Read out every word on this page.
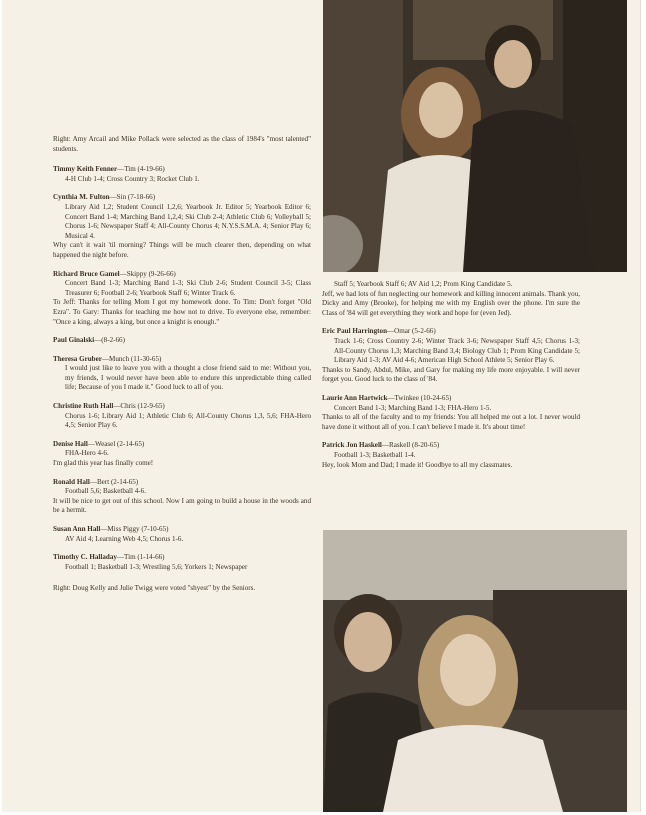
Right: Amy Arcail and Mike Pollack were selected as the class of 1984's "most talented" students.

Timmy Keith Fenner—Tim (4-19-66)

4-H Club 1-4; Cross Country 3; Rocket Club 1.

Cynthia M. Fulton—Sin (7-18-66)

Library Aid 1,2; Student Council 1,2,6; Yearbook Jr. Editor 5; Yearbook Editor 6; Concert Band 1-4; Marching Band 1,2,4; Ski Club 2-4; Athletic Club 6; Volleyball 5; Chorus 1-6; Newspaper Staff 4; All-County Chorus 4; N.Y.S.S.M.A. 4; Senior Play 6; Musical 4.

Why can't it wait 'til morning? Things will be much clearer then, depending on what happened the night before.

Richard Bruce Gamel—Skippy (9-26-66)

Concert Band 1-3; Marching Band 1-3; Ski Club 2-6; Student Council 3-5; Class Treasurer 6; Football 2-6; Yearbook Staff 6; Winter Track 6.

To Jeff: Thanks for telling Mom I got my homework done. To Tim: Don't forget "Old Ezra". To Gary: Thanks for teaching me how not to drive. To everyone else, remember: "Once a king, always a king, but once a knight is enough."

Paul Ginalski—(8-2-66)

Theresa Gruber—Munch (11-30-65)

I would just like to leave you with a thought a close friend said to me: Without you, my friends, I would never have been able to endure this unpredictable thing called life; Because of you I made it." Good luck to all of you.

Christine Ruth Hall—Chris (12-9-65)

Chorus 1-6; Library Aid 1; Athletic Club 6; All-County Chorus 1,3, 5,6; FHA-Hero 4,5; Senior Play 6.

Denise Hall—Weasel (2-14-65)

FHA-Hero 4-6.

I'm glad this year has finally come!

Ronald Hall—Bert (2-14-65)

Football 5,6; Basketball 4-6.

It will be nice to get out of this school. Now I am going to build a house in the woods and be a hermit.

Susan Ann Hall—Miss Piggy (7-10-65)

AV Aid 4; Learning Web 4,5; Chorus 1-6.

Timothy C. Halladay—Tim (1-14-66)

Football 1; Basketball 1-3; Wrestling 5,6; Yorkers 1; Newspaper

Right: Doug Kelly and Julie Twigg were voted "shyest" by the Seniors.

Staff 5; Yearbook Staff 6; AV Aid 1,2; Prom King Candidate 5.

Jeff, we had lots of fun neglecting our homework and killing innocent animals. Thank you, Dicky and Amy (Brooke), for helping me with my English over the phone. I'm sure the Class of '84 will get everything they work and hope for (even Jed).

Eric Paul Harrington—Omar (5-2-66)

Track 1-6; Cross Country 2-6; Winter Track 3-6; Newspaper Staff 4,5; Chorus 1-3; All-County Chorus 1,3; Marching Band 3,4; Biology Club 1; Prom King Candidate 5; Library Aid 1-3; AV Aid 4-6; American High School Athlete 5; Senior Play 6.

Thanks to Sandy, Abdul, Mike, and Gary for making my life more enjoyable. I will never forget you. Good luck to the class of '84.

Laurie Ann Hartwick—Twinkee (10-24-65)

Concert Band 1-3; Marching Band 1-3; FHA-Hero 1-5.

Thanks to all of the faculty and to my friends: You all helped me out a lot. I never would have done it without all of you. I can't believe I made it. It's about time!

Patrick Jon Haskell—Raskell (8-20-65)

Football 1-3; Basketball 1-4.

Hey, look Mom and Dad; I made it! Goodbye to all my classmates.
